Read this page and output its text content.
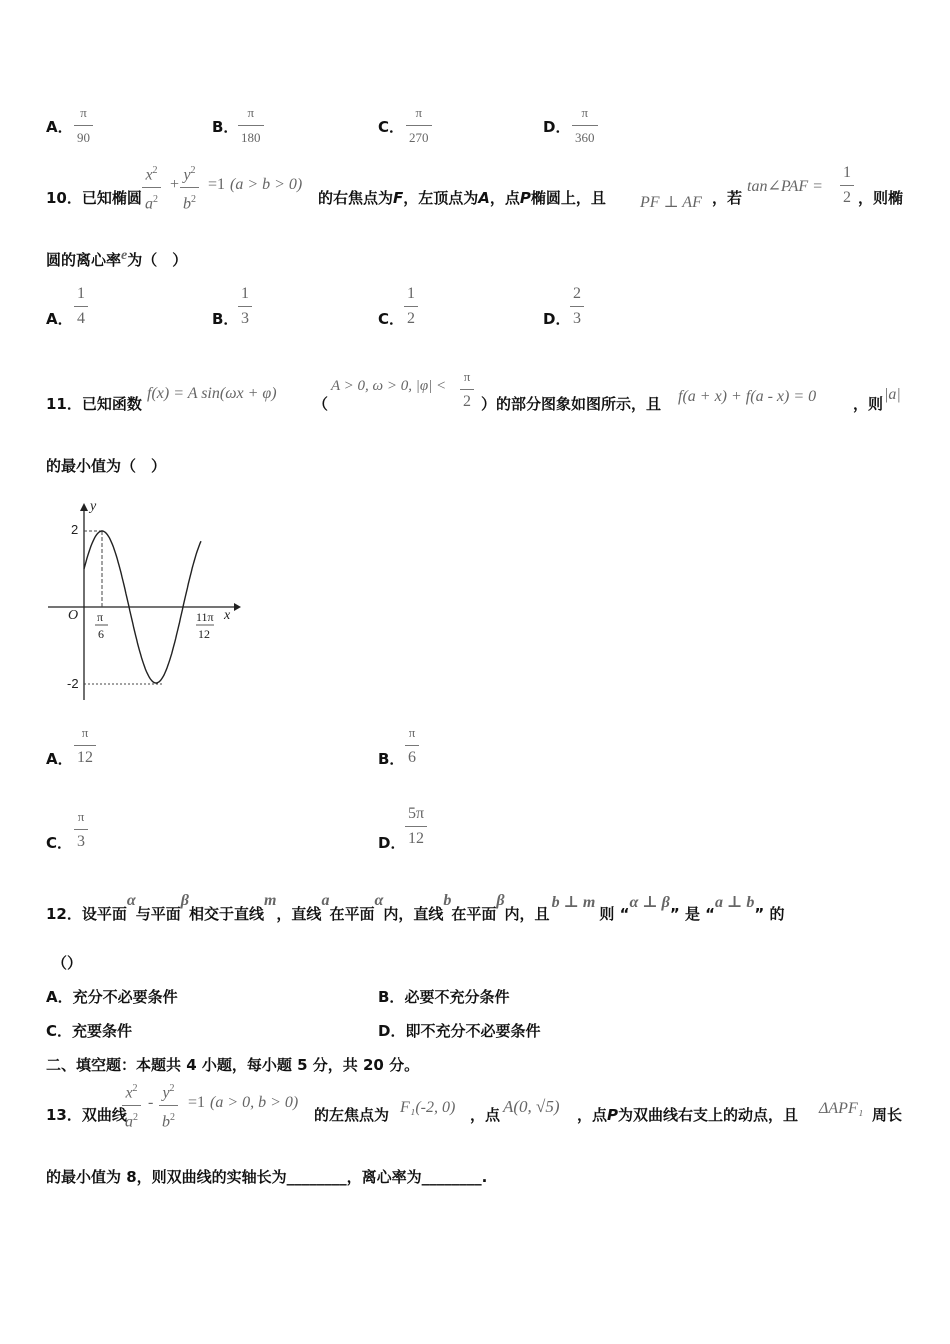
A．
π
90
B．
π
180
C．
π
270
D．
π
360
10．已知椭圆
$x^2$
$a^2$
+
$y^2$
$b^2$
=1 (a > b > 0)
的右焦点为F，左顶点为A，点P椭圆上，且 PF ⊥ AF ，若
tan∠PAF =
1
2 ，则椭
圆的离心率e为（　）
A．
1
4	B．
1
3	C．
1
2	D．
2
3
11．已知函数
f(x) = A sin(ωx + φ)
（
A > 0, ω > 0, |φ| <
π
2 ）的部分图象如图所示，且 f(a + x) + f(a - x) = 0 ，则
|a|
的最小值为（　）
y
x
O
2
-2
π
6
11π
12
A．
π
12	B．
π
6
C．
π
3	D．
5π
12
12．设平面
α
与平面
β
相交于直线
m
，直线
a
在平面
α
内，直线
b
在平面
β
内，且
b ⊥ m
则 “
α ⊥ β
” 是 “
a ⊥ b
” 的
（）
A．充分不必要条件	B．必要不充分条件
C．充要条件	D．即不充分不必要条件
二、填空题：本题共 4 小题，每小题 5 分，共 20 分。
13．双曲线
$x^2$
$a^2$
-
$y^2$
$b^2$
=1 (a > 0, b > 0)
的左焦点为 F₁(-2, 0) ，点 A(0, √5) ，点P为双曲线右支上的动点，且 ΔAPF₁ 周长
的最小值为 8，则双曲线的实轴长为________，离心率为________.
